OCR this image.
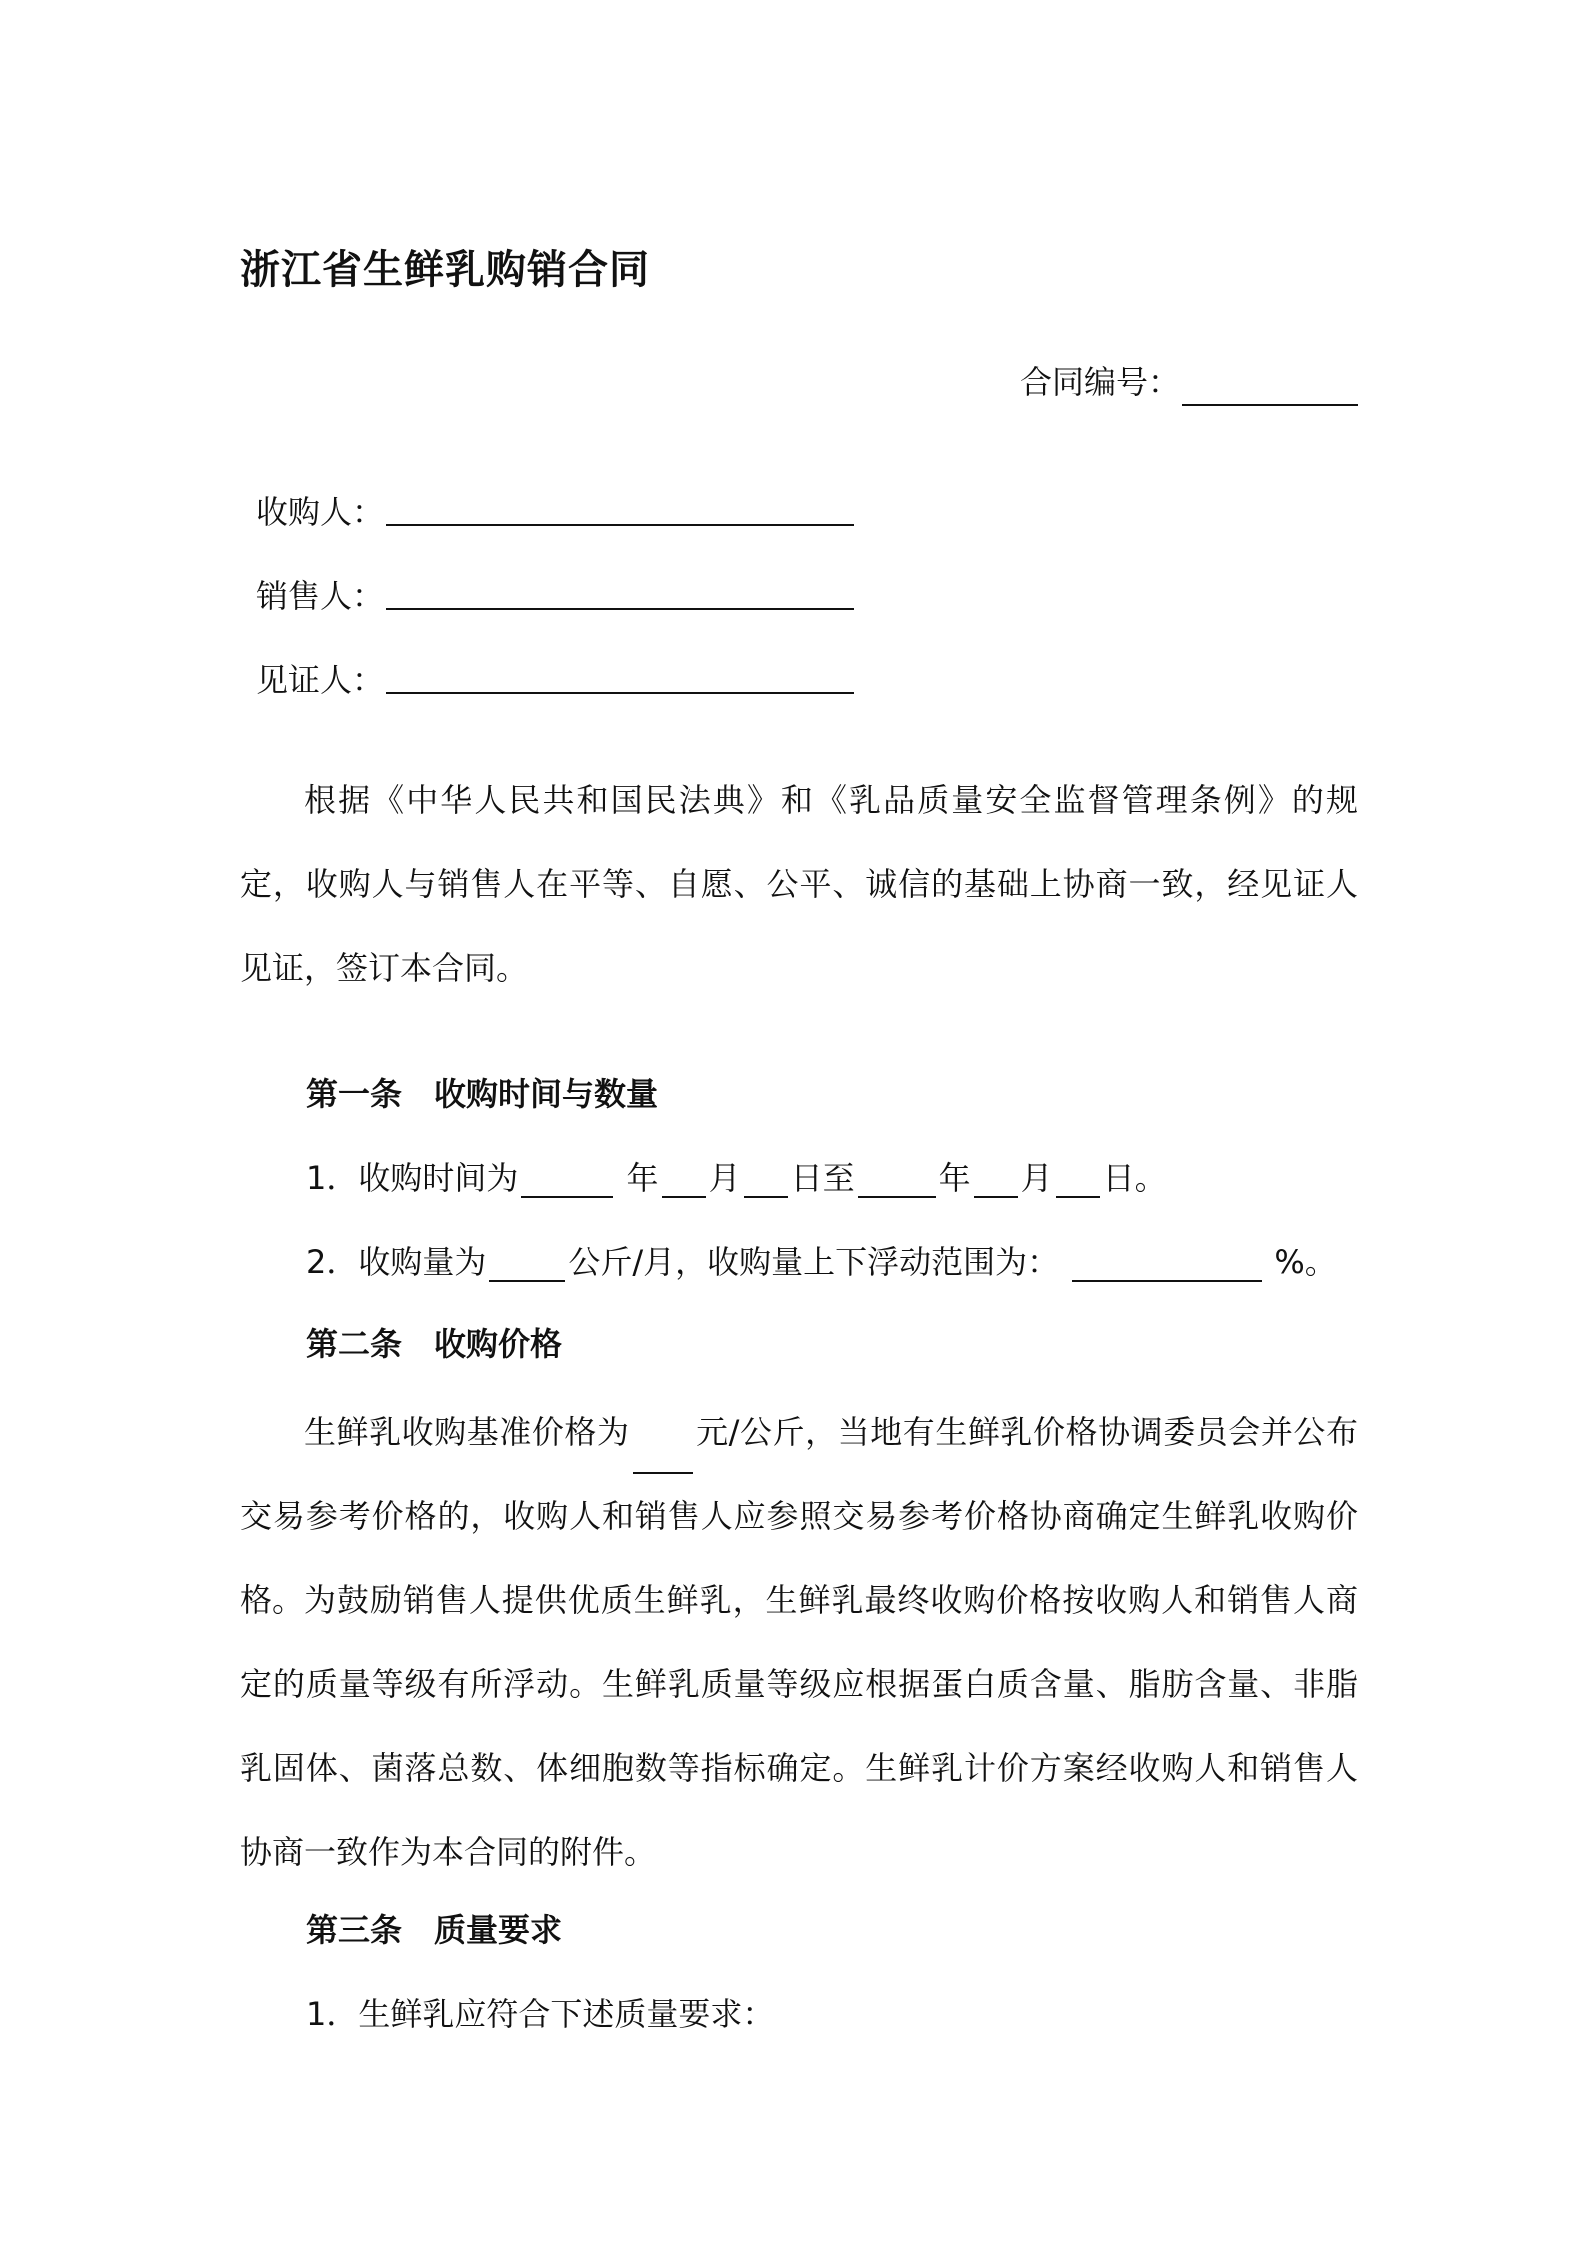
浙江省生鲜乳购销合同
合同编号：
收购人：
销售人：
见证人：
根据《中华人民共和国民法典》和《乳品质量安全监督管理条例》的规定，收购人与销售人在平等、自愿、公平、诚信的基础上协商一致，经见证人见证，签订本合同。
第一条　收购时间与数量
1．收购时间为	年 月 日至	年 月 日。
2．收购量为	公斤/月，收购量上下浮动范围为：	%。
第二条　收购价格
生鲜乳收购基准价格为 元/公斤，当地有生鲜乳价格协调委员会并公布交易参考价格的，收购人和销售人应参照交易参考价格协商确定生鲜乳收购价格。 为鼓励销售人提供优质生鲜乳，生鲜乳最终收购价格按收购人和销售人商定的质量等级有所浮动。生鲜乳质量等级应根据蛋白质含量、脂肪含量、非脂乳固体、菌落总数、体细胞数等指标确定。生鲜乳计价方案经收购人和销售人协商一致作为本合同的附件。
第三条　质量要求
1．生鲜乳应符合下述质量要求：
